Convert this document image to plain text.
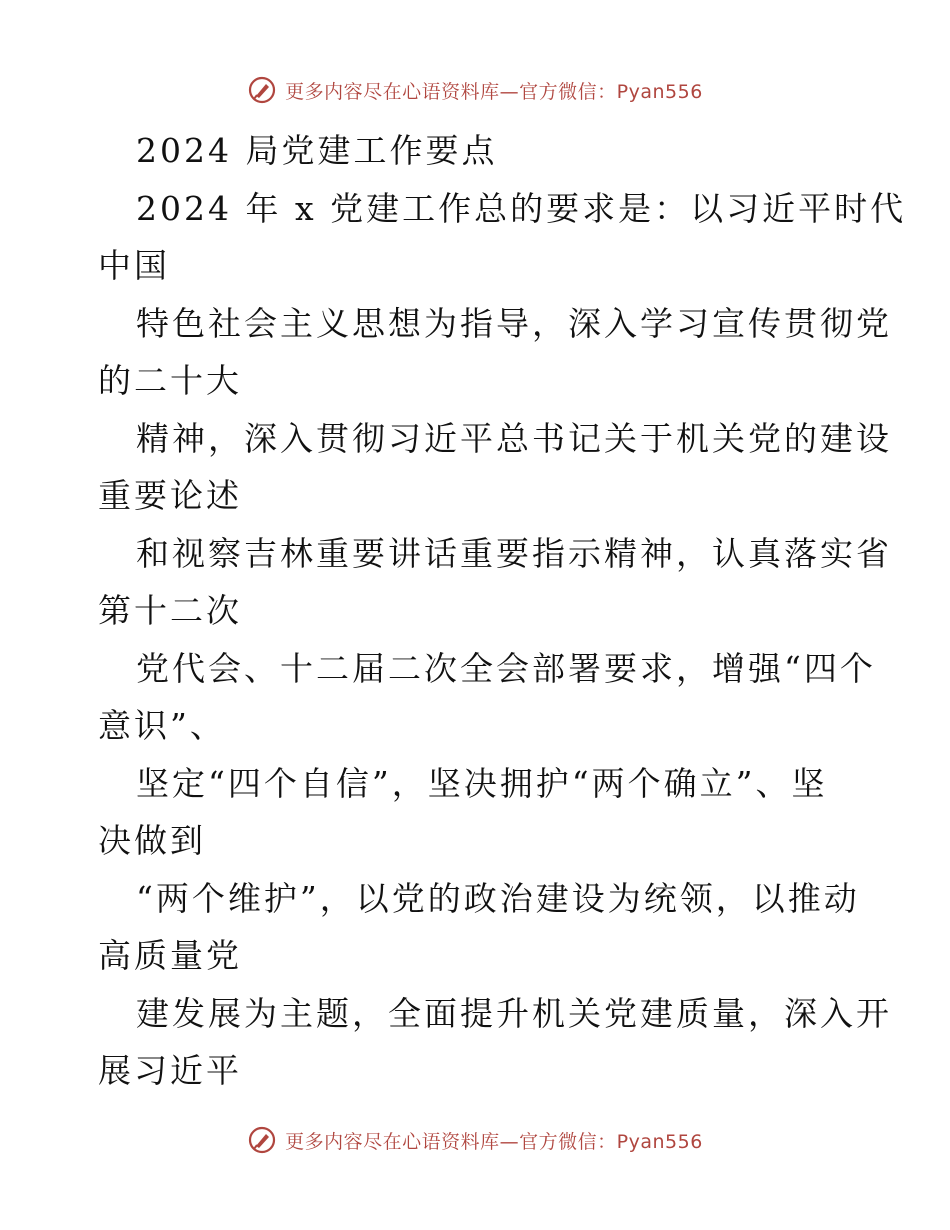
更多内容尽在心语资料库—官方微信：Pyan556
2024 局党建工作要点
2024 年 x 党建工作总的要求是：以习近平时代
中国
特色社会主义思想为指导，深入学习宣传贯彻党
的二十大
精神，深入贯彻习近平总书记关于机关党的建设
重要论述
和视察吉林重要讲话重要指示精神，认真落实省
第十二次
党代会、十二届二次全会部署要求，增强“四个
意识”、
坚定“四个自信”，坚决拥护“两个确立”、坚
决做到
“两个维护”，以党的政治建设为统领，以推动
高质量党
建发展为主题，全面提升机关党建质量，深入开
展习近平
更多内容尽在心语资料库—官方微信：Pyan556
